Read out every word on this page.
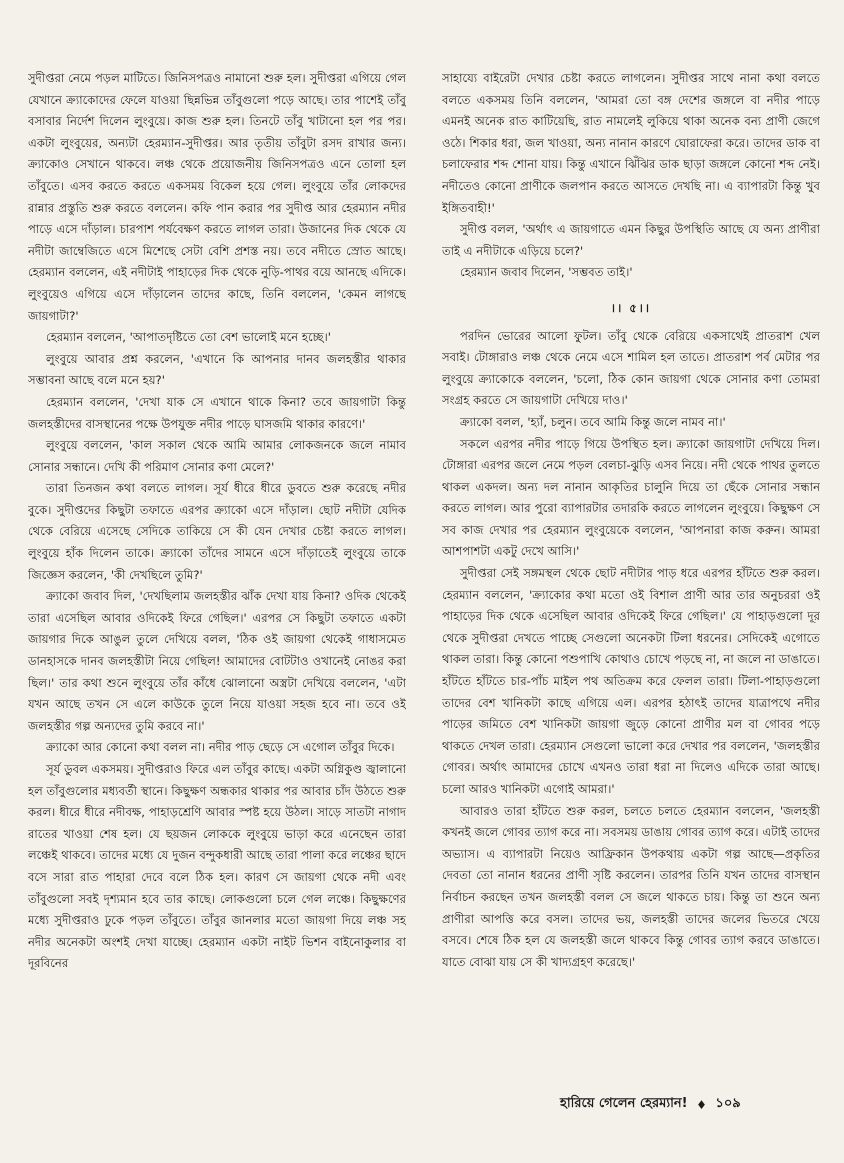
সুদীপ্তরা নেমে পড়ল মাটিতে। জিনিসপত্রও নামানো শুরু হল। সুদীপ্তরা এগিয়ে গেল যেখানে ক্র্যাকোদের ফেলে যাওয়া ছিন্নভিন্ন তাঁবুগুলো পড়ে আছে। তার পাশেই তাঁবু বসাবার নির্দেশ দিলেন লুংবুয়ে। কাজ শুরু হল। তিনটে তাঁবু খাটানো হল পর পর। একটা লুংবুয়ের, অন্যটা হেরম্যান-সুদীপ্তর। আর তৃতীয় তাঁবুটা রসদ রাখার জন্য। ক্র্যাকোও সেখানে থাকবে। লঞ্চ থেকে প্রয়োজনীয় জিনিসপত্রও এনে তোলা হল তাঁবুতে। এসব করতে করতে একসময় বিকেল হয়ে গেল। লুংবুয়ে তাঁর লোকদের রান্নার প্রস্তুতি শুরু করতে বললেন। কফি পান করার পর সুদীপ্ত আর হেরম্যান নদীর পাড়ে এসে দাঁড়াল। চারপাশ পর্যবেক্ষণ করতে লাগল তারা। উজানের দিক থেকে যে নদীটা জাম্বেজিতে এসে মিশেছে সেটা বেশি প্রশস্ত নয়। তবে নদীতে স্রোত আছে। হেরম্যান বললেন, এই নদীটাই পাহাড়ের দিক থেকে নুড়ি-পাথর বয়ে আনছে এদিকে। লুংবুয়েও এগিয়ে এসে দাঁড়ালেন তাদের কাছে, তিনি বললেন, 'কেমন লাগছে জায়গাটা?'

হেরম্যান বললেন, 'আপাতদৃষ্টিতে তো বেশ ভালোই মনে হচ্ছে।'

লুংবুয়ে আবার প্রশ্ন করলেন, 'এখানে কি আপনার দানব জলহস্তীর থাকার সম্ভাবনা আছে বলে মনে হয়?'

হেরম্যান বললেন, 'দেখা যাক সে এখানে থাকে কিনা? তবে জায়গাটা কিন্তু জলহস্তীদের বাসস্থানের পক্ষে উপযুক্ত নদীর পাড়ে ঘাসজমি থাকার কারণে।'

লুংবুয়ে বললেন, 'কাল সকাল থেকে আমি আমার লোকজনকে জলে নামাব সোনার সন্ধানে। দেখি কী পরিমাণ সোনার কণা মেলে?'

তারা তিনজন কথা বলতে লাগল। সূর্য ধীরে ধীরে ডুবতে শুরু করেছে নদীর বুকে। সুদীপ্তদের কিছুটা তফাতে এরপর ক্র্যাকো এসে দাঁড়াল। ছোট নদীটা যেদিক থেকে বেরিয়ে এসেছে সেদিকে তাকিয়ে সে কী যেন দেখার চেষ্টা করতে লাগল। লুংবুয়ে হাঁক দিলেন তাকে। ক্র্যাকো তাঁদের সামনে এসে দাঁড়াতেই লুংবুয়ে তাকে জিজ্ঞেস করলেন, 'কী দেখছিলে তুমি?'

ক্র্যাকো জবাব দিল, 'দেখছিলাম জলহস্তীর ঝাঁক দেখা যায় কিনা? ওদিক থেকেই তারা এসেছিল আবার ওদিকেই ফিরে গেছিল।' এরপর সে কিছুটা তফাতে একটা জায়গার দিকে আঙুল তুলে দেখিয়ে বলল, 'ঠিক ওই জায়গা থেকেই গাধাসমেত ডানহাসকে দানব জলহস্তীটা নিয়ে গেছিল! আমাদের বোটটাও ওখানেই নোঙর করা ছিল।' তার কথা শুনে লুংবুয়ে তাঁর কাঁধে ঝোলানো অস্ত্রটা দেখিয়ে বললেন, 'এটা যখন আছে তখন সে এলে কাউকে তুলে নিয়ে যাওয়া সহজ হবে না। তবে ওই জলহস্তীর গল্প অন্যদের তুমি করবে না।'

ক্র্যাকো আর কোনো কথা বলল না। নদীর পাড় ছেড়ে সে এগোল তাঁবুর দিকে।

সূর্য ডুবল একসময়। সুদীপ্তরাও ফিরে এল তাঁবুর কাছে। একটা অগ্নিকুণ্ড জ্বালানো হল তাঁবুগুলোর মধ্যবর্তী স্থানে। কিছুক্ষণ অন্ধকার থাকার পর আবার চাঁদ উঠতে শুরু করল। ধীরে ধীরে নদীবক্ষ, পাহাড়শ্রেণি আবার স্পষ্ট হয়ে উঠল। সাড়ে সাতটা নাগাদ রাতের খাওয়া শেষ হল। যে ছয়জন লোককে লুংবুয়ে ভাড়া করে এনেছেন তারা লঞ্চেই থাকবে। তাদের মধ্যে যে দুজন বন্দুকধারী আছে তারা পালা করে লঞ্চের ছাদে বসে সারা রাত পাহারা দেবে বলে ঠিক হল। কারণ সে জায়গা থেকে নদী এবং তাঁবুগুলো সবই দৃশ্যমান হবে তার কাছে। লোকগুলো চলে গেল লঞ্চে। কিছুক্ষণের মধ্যে সুদীপ্তরাও ঢুকে পড়ল তাঁবুতে। তাঁবুর জানলার মতো জায়গা দিয়ে লঞ্চ সহ নদীর অনেকটা অংশই দেখা যাচ্ছে। হেরম্যান একটা নাইট ভিশন বাইনোকুলার বা দূরবিনের

সাহায্যে বাইরেটা দেখার চেষ্টা করতে লাগলেন। সুদীপ্তর সাথে নানা কথা বলতে বলতে একসময় তিনি বললেন, 'আমরা তো বঙ্গ দেশের জঙ্গলে বা নদীর পাড়ে এমনই অনেক রাত কাটিয়েছি, রাত নামলেই লুকিয়ে থাকা অনেক বন্য প্রাণী জেগে ওঠে। শিকার ধরা, জল খাওয়া, অন্য নানান কারণে ঘোরাফেরা করে। তাদের ডাক বা চলাফেরার শব্দ শোনা যায়। কিন্তু এখানে ঝিঁঝির ডাক ছাড়া জঙ্গলে কোনো শব্দ নেই। নদীতেও কোনো প্রাণীকে জলপান করতে আসতে দেখছি না। এ ব্যাপারটা কিন্তু খুব ইঙ্গিতবাহী!'

সুদীপ্ত বলল, 'অর্থাৎ এ জায়গাতে এমন কিছুর উপস্থিতি আছে যে অন্য প্রাণীরা তাই এ নদীটাকে এড়িয়ে চলে?'

হেরম্যান জবাব দিলেন, 'সম্ভবত তাই।'

।। ৫।।

পরদিন ভোরের আলো ফুটল। তাঁবু থেকে বেরিয়ে একসাথেই প্রাতরাশ খেল সবাই। টোঙ্গারাও লঞ্চ থেকে নেমে এসে শামিল হল তাতে। প্রাতরাশ পর্ব মেটার পর লুংবুয়ে ক্র্যাকোকে বললেন, 'চলো, ঠিক কোন জায়গা থেকে সোনার কণা তোমরা সংগ্রহ করতে সে জায়গাটা দেখিয়ে দাও।'

ক্র্যাকো বলল, 'হ্যাঁ, চলুন। তবে আমি কিন্তু জলে নামব না।'

সকলে এরপর নদীর পাড়ে গিয়ে উপস্থিত হল। ক্র্যাকো জায়গাটা দেখিয়ে দিল। টোঙ্গারা এরপর জলে নেমে পড়ল বেলচা-ঝুড়ি এসব নিয়ে। নদী থেকে পাথর তুলতে থাকল একদল। অন্য দল নানান আকৃতির চালুনি দিয়ে তা ছেঁকে সোনার সন্ধান করতে লাগল। আর পুরো ব্যাপারটার তদারকি করতে লাগলেন লুংবুয়ে। কিছুক্ষণ সে সব কাজ দেখার পর হেরম্যান লুংবুয়েকে বললেন, 'আপনারা কাজ করুন। আমরা আশপাশটা একটু দেখে আসি।'

সুদীপ্তরা সেই সঙ্গমস্থল থেকে ছোট নদীটার পাড় ধরে এরপর হাঁটতে শুরু করল। হেরম্যান বললেন, 'ক্র্যাকোর কথা মতো ওই বিশাল প্রাণী আর তার অনুচররা ওই পাহাড়ের দিক থেকে এসেছিল আবার ওদিকেই ফিরে গেছিল।' যে পাহাড়গুলো দূর থেকে সুদীপ্তরা দেখতে পাচ্ছে সেগুলো অনেকটা টিলা ধরনের। সেদিকেই এগোতে থাকল তারা। কিন্তু কোনো পশুপাখি কোথাও চোখে পড়ছে না, না জলে না ডাঙাতে। হাঁটতে হাঁটতে চার-পাঁচ মাইল পথ অতিক্রম করে ফেলল তারা। টিলা-পাহাড়গুলো তাদের বেশ খানিকটা কাছে এগিয়ে এল। এরপর হঠাৎই তাদের যাত্রাপথে নদীর পাড়ের জমিতে বেশ খানিকটা জায়গা জুড়ে কোনো প্রাণীর মল বা গোবর পড়ে থাকতে দেখল তারা। হেরম্যান সেগুলো ভালো করে দেখার পর বললেন, 'জলহস্তীর গোবর। অর্থাৎ আমাদের চোখে এখনও তারা ধরা না দিলেও এদিকে তারা আছে। চলো আরও খানিকটা এগোই আমরা।'

আবারও তারা হাঁটতে শুরু করল, চলতে চলতে হেরম্যান বললেন, 'জলহস্তী কখনই জলে গোবর ত্যাগ করে না। সবসময় ডাঙায় গোবর ত্যাগ করে। এটাই তাদের অভ্যাস। এ ব্যাপারটা নিয়েও আফ্রিকান উপকথায় একটা গল্প আছে—প্রকৃতির দেবতা তো নানান ধরনের প্রাণী সৃষ্টি করলেন। তারপর তিনি যখন তাদের বাসস্থান নির্বাচন করছেন তখন জলহস্তী বলল সে জলে থাকতে চায়। কিন্তু তা শুনে অন্য প্রাণীরা আপত্তি করে বসল। তাদের ভয়, জলহস্তী তাদের জলের ভিতরে খেয়ে বসবে। শেষে ঠিক হল যে জলহস্তী জলে থাকবে কিন্তু গোবর ত্যাগ করবে ডাঙাতে। যাতে বোঝা যায় সে কী খাদ্যগ্রহণ করেছে।'

হারিয়ে গেলেন হেরম্যান! ♦ ১০৯
